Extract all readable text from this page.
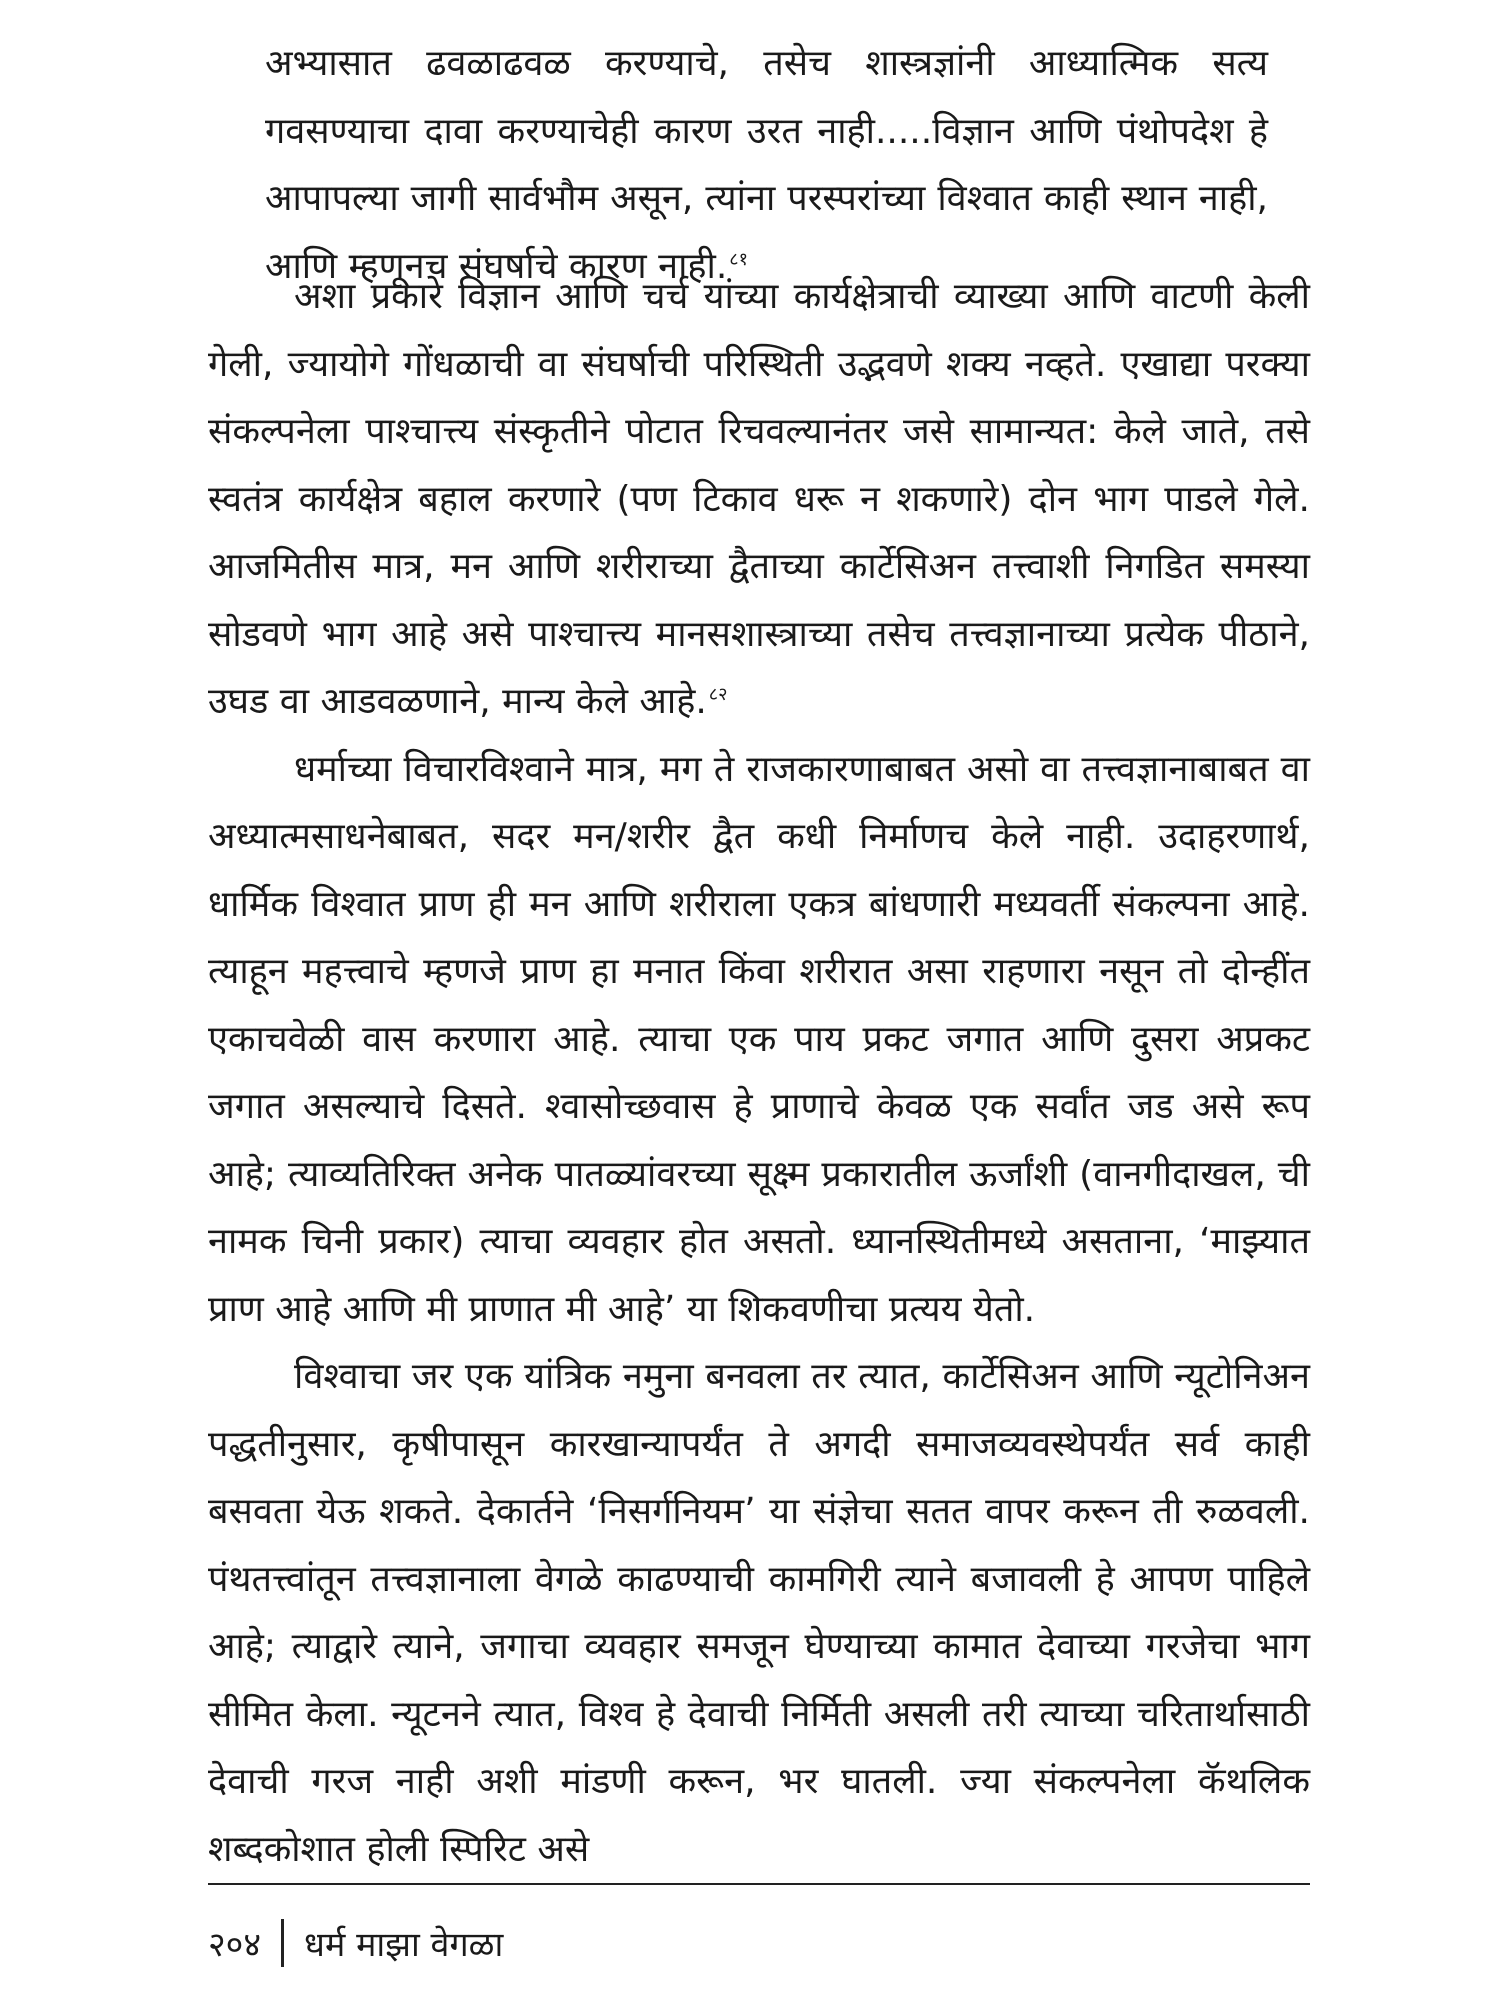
अभ्यासात ढवळाढवळ करण्याचे, तसेच शास्त्रज्ञांनी आध्यात्मिक सत्य गवसण्याचा दावा करण्याचेही कारण उरत नाही.....विज्ञान आणि पंथोपदेश हे आपापल्या जागी सार्वभौम असून, त्यांना परस्परांच्या विश्वात काही स्थान नाही, आणि म्हणूनच संघर्षाचे कारण नाही. $^{८१}$

अशा प्रकारे विज्ञान आणि चर्च यांच्या कार्यक्षेत्राची व्याख्या आणि वाटणी केली गेली, ज्यायोगे गोंधळाची वा संघर्षाची परिस्थिती उद्भवणे शक्य नव्हते. एखाद्या परक्या संकल्पनेला पाश्चात्त्य संस्कृतीने पोटात रिचवल्यानंतर जसे सामान्यत: केले जाते, तसे स्वतंत्र कार्यक्षेत्र बहाल करणारे (पण टिकाव धरू न शकणारे) दोन भाग पाडले गेले. आजमितीस मात्र, मन आणि शरीराच्या द्वैताच्या कार्टेसिअन तत्त्वाशी निगडित समस्या सोडवणे भाग आहे असे पाश्चात्त्य मानसशास्त्राच्या तसेच तत्त्वज्ञानाच्या प्रत्येक पीठाने, उघड वा आडवळणाने, मान्य केले आहे. $^{८२}$

धर्माच्या विचारविश्वाने मात्र, मग ते राजकारणाबाबत असो वा तत्त्वज्ञानाबाबत वा अध्यात्मसाधनेबाबत, सदर मन/शरीर द्वैत कधी निर्माणच केले नाही. उदाहरणार्थ, धार्मिक विश्वात प्राण ही मन आणि शरीराला एकत्र बांधणारी मध्यवर्ती संकल्पना आहे. त्याहून महत्त्वाचे म्हणजे प्राण हा मनात किंवा शरीरात असा राहणारा नसून तो दोन्हींत एकाचवेळी वास करणारा आहे. त्याचा एक पाय प्रकट जगात आणि दुसरा अप्रकट जगात असल्याचे दिसते. श्वासोच्छवास हे प्राणाचे केवळ एक सर्वांत जड असे रूप आहे; त्याव्यतिरिक्त अनेक पातळ्यांवरच्या सूक्ष्म प्रकारातील ऊर्जांशी (वानगीदाखल, ची नामक चिनी प्रकार) त्याचा व्यवहार होत असतो. ध्यानस्थितीमध्ये असताना, ‘माझ्यात प्राण आहे आणि मी प्राणात मी आहे’ या शिकवणीचा प्रत्यय येतो.

विश्वाचा जर एक यांत्रिक नमुना बनवला तर त्यात, कार्टेसिअन आणि न्यूटोनिअन पद्धतीनुसार, कृषीपासून कारखान्यापर्यंत ते अगदी समाजव्यवस्थेपर्यंत सर्व काही बसवता येऊ शकते. देकार्तने ‘निसर्गनियम’ या संज्ञेचा सतत वापर करून ती रुळवली. पंथतत्त्वांतून तत्त्वज्ञानाला वेगळे काढण्याची कामगिरी त्याने बजावली हे आपण पाहिले आहे; त्याद्वारे त्याने, जगाचा व्यवहार समजून घेण्याच्या कामात देवाच्या गरजेचा भाग सीमित केला. न्यूटनने त्यात, विश्व हे देवाची निर्मिती असली तरी त्याच्या चरितार्थासाठी देवाची गरज नाही अशी मांडणी करून, भर घातली. ज्या संकल्पनेला कॅथलिक शब्दकोशात होली स्पिरिट असे

२०४ धर्म माझा वेगळा
